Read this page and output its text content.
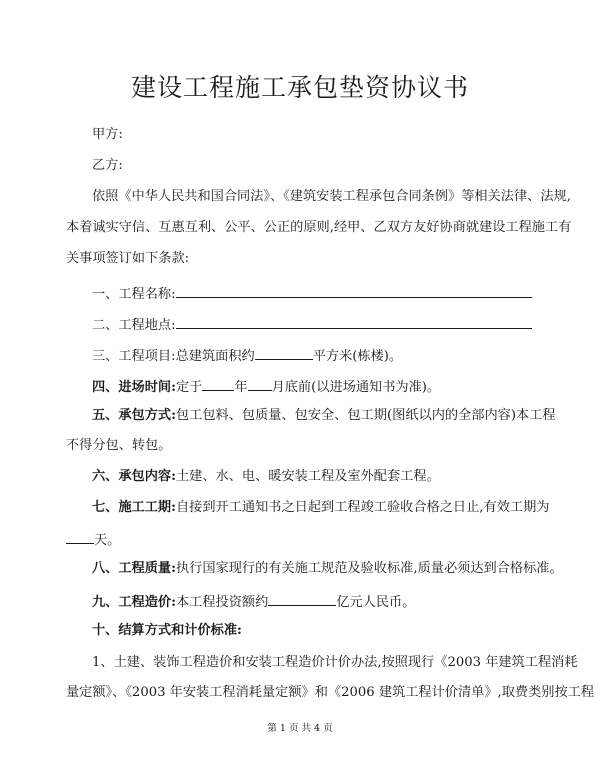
建设工程施工承包垫资协议书
甲方:
乙方:
依照《中华人民共和国合同法》、《建筑安装工程承包合同条例》等相关法律、法规,
本着诚实守信、互惠互利、公平、公正的原则,经甲、乙双方友好协商就建设工程施工有
关事项签订如下条款:
一、工程名称:
二、工程地点:
三、工程项目:总建筑面积约	平方米(栋楼)。
四、进场时间:定于 年 月底前(以进场通知书为准)。
五、承包方式:包工包料、包质量、包安全、包工期(图纸以内的全部内容)本工程
不得分包、转包。
六、承包内容:土建、水、电、暖安装工程及室外配套工程。
七、施工工期:自接到开工通知书之日起到工程竣工验收合格之日止,有效工期为
天。
八、工程质量:执行国家现行的有关施工规范及验收标准,质量必须达到合格标准。
九、工程造价:本工程投资额约	亿元人民币。
十、结算方式和计价标准:
1、土建、装饰工程造价和安装工程造价计价办法,按照现行《2003 年建筑工程消耗
量定额》、《2003 年安装工程消耗量定额》和《2006 建筑工程计价清单》,取费类别按工程
第 1 页 共 4 页
